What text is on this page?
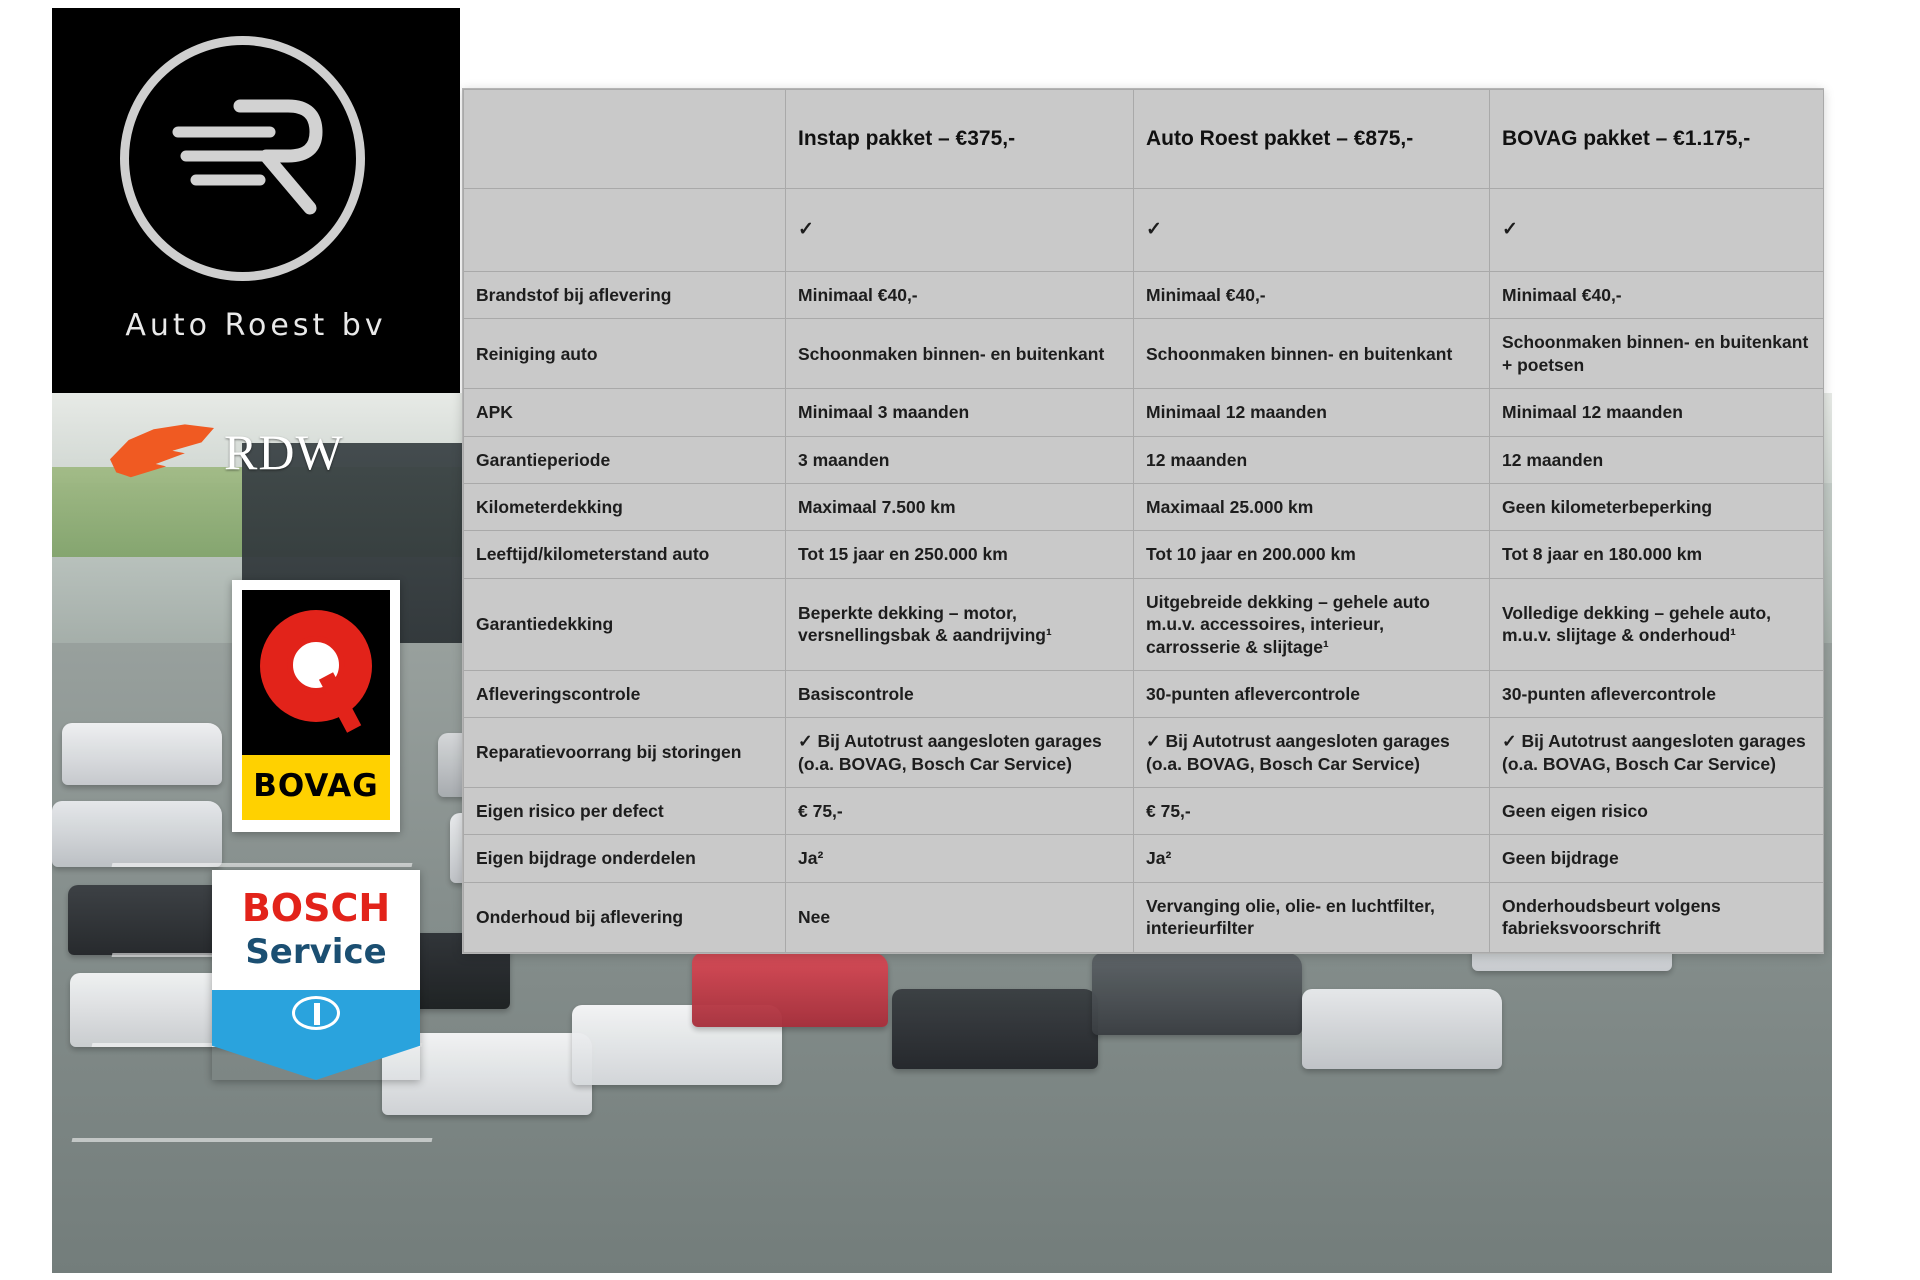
Auto Roest bv
RDW
BOVAG
BOSCH
Service
	Instap pakket – €375,-	Auto Roest pakket – €875,-	BOVAG pakket – €1.175,-
	✓	✓	✓
Brandstof bij aflevering	Minimaal €40,-	Minimaal €40,-	Minimaal €40,-
Reiniging auto	Schoonmaken binnen- en buitenkant	Schoonmaken binnen- en buitenkant	Schoonmaken binnen- en buitenkant + poetsen
APK	Minimaal 3 maanden	Minimaal 12 maanden	Minimaal 12 maanden
Garantieperiode	3 maanden	12 maanden	12 maanden
Kilometerdekking	Maximaal 7.500 km	Maximaal 25.000 km	Geen kilometerbeperking
Leeftijd/kilometerstand auto	Tot 15 jaar en 250.000 km	Tot 10 jaar en 200.000 km	Tot 8 jaar en 180.000 km
Garantiedekking	Beperkte dekking – motor, versnellingsbak & aandrijving¹	Uitgebreide dekking – gehele auto m.u.v. accessoires, interieur, carrosserie & slijtage¹	Volledige dekking – gehele auto, m.u.v. slijtage & onderhoud¹
Afleveringscontrole	Basiscontrole	30-punten aflevercontrole	30-punten aflevercontrole
Reparatievoorrang bij storingen	✓ Bij Autotrust aangesloten garages (o.a. BOVAG, Bosch Car Service)	✓ Bij Autotrust aangesloten garages (o.a. BOVAG, Bosch Car Service)	✓ Bij Autotrust aangesloten garages (o.a. BOVAG, Bosch Car Service)
Eigen risico per defect	€ 75,-	€ 75,-	Geen eigen risico
Eigen bijdrage onderdelen	Ja²	Ja²	Geen bijdrage
Onderhoud bij aflevering	Nee	Vervanging olie, olie- en luchtfilter, interieurfilter	Onderhoudsbeurt volgens fabrieksvoorschrift
